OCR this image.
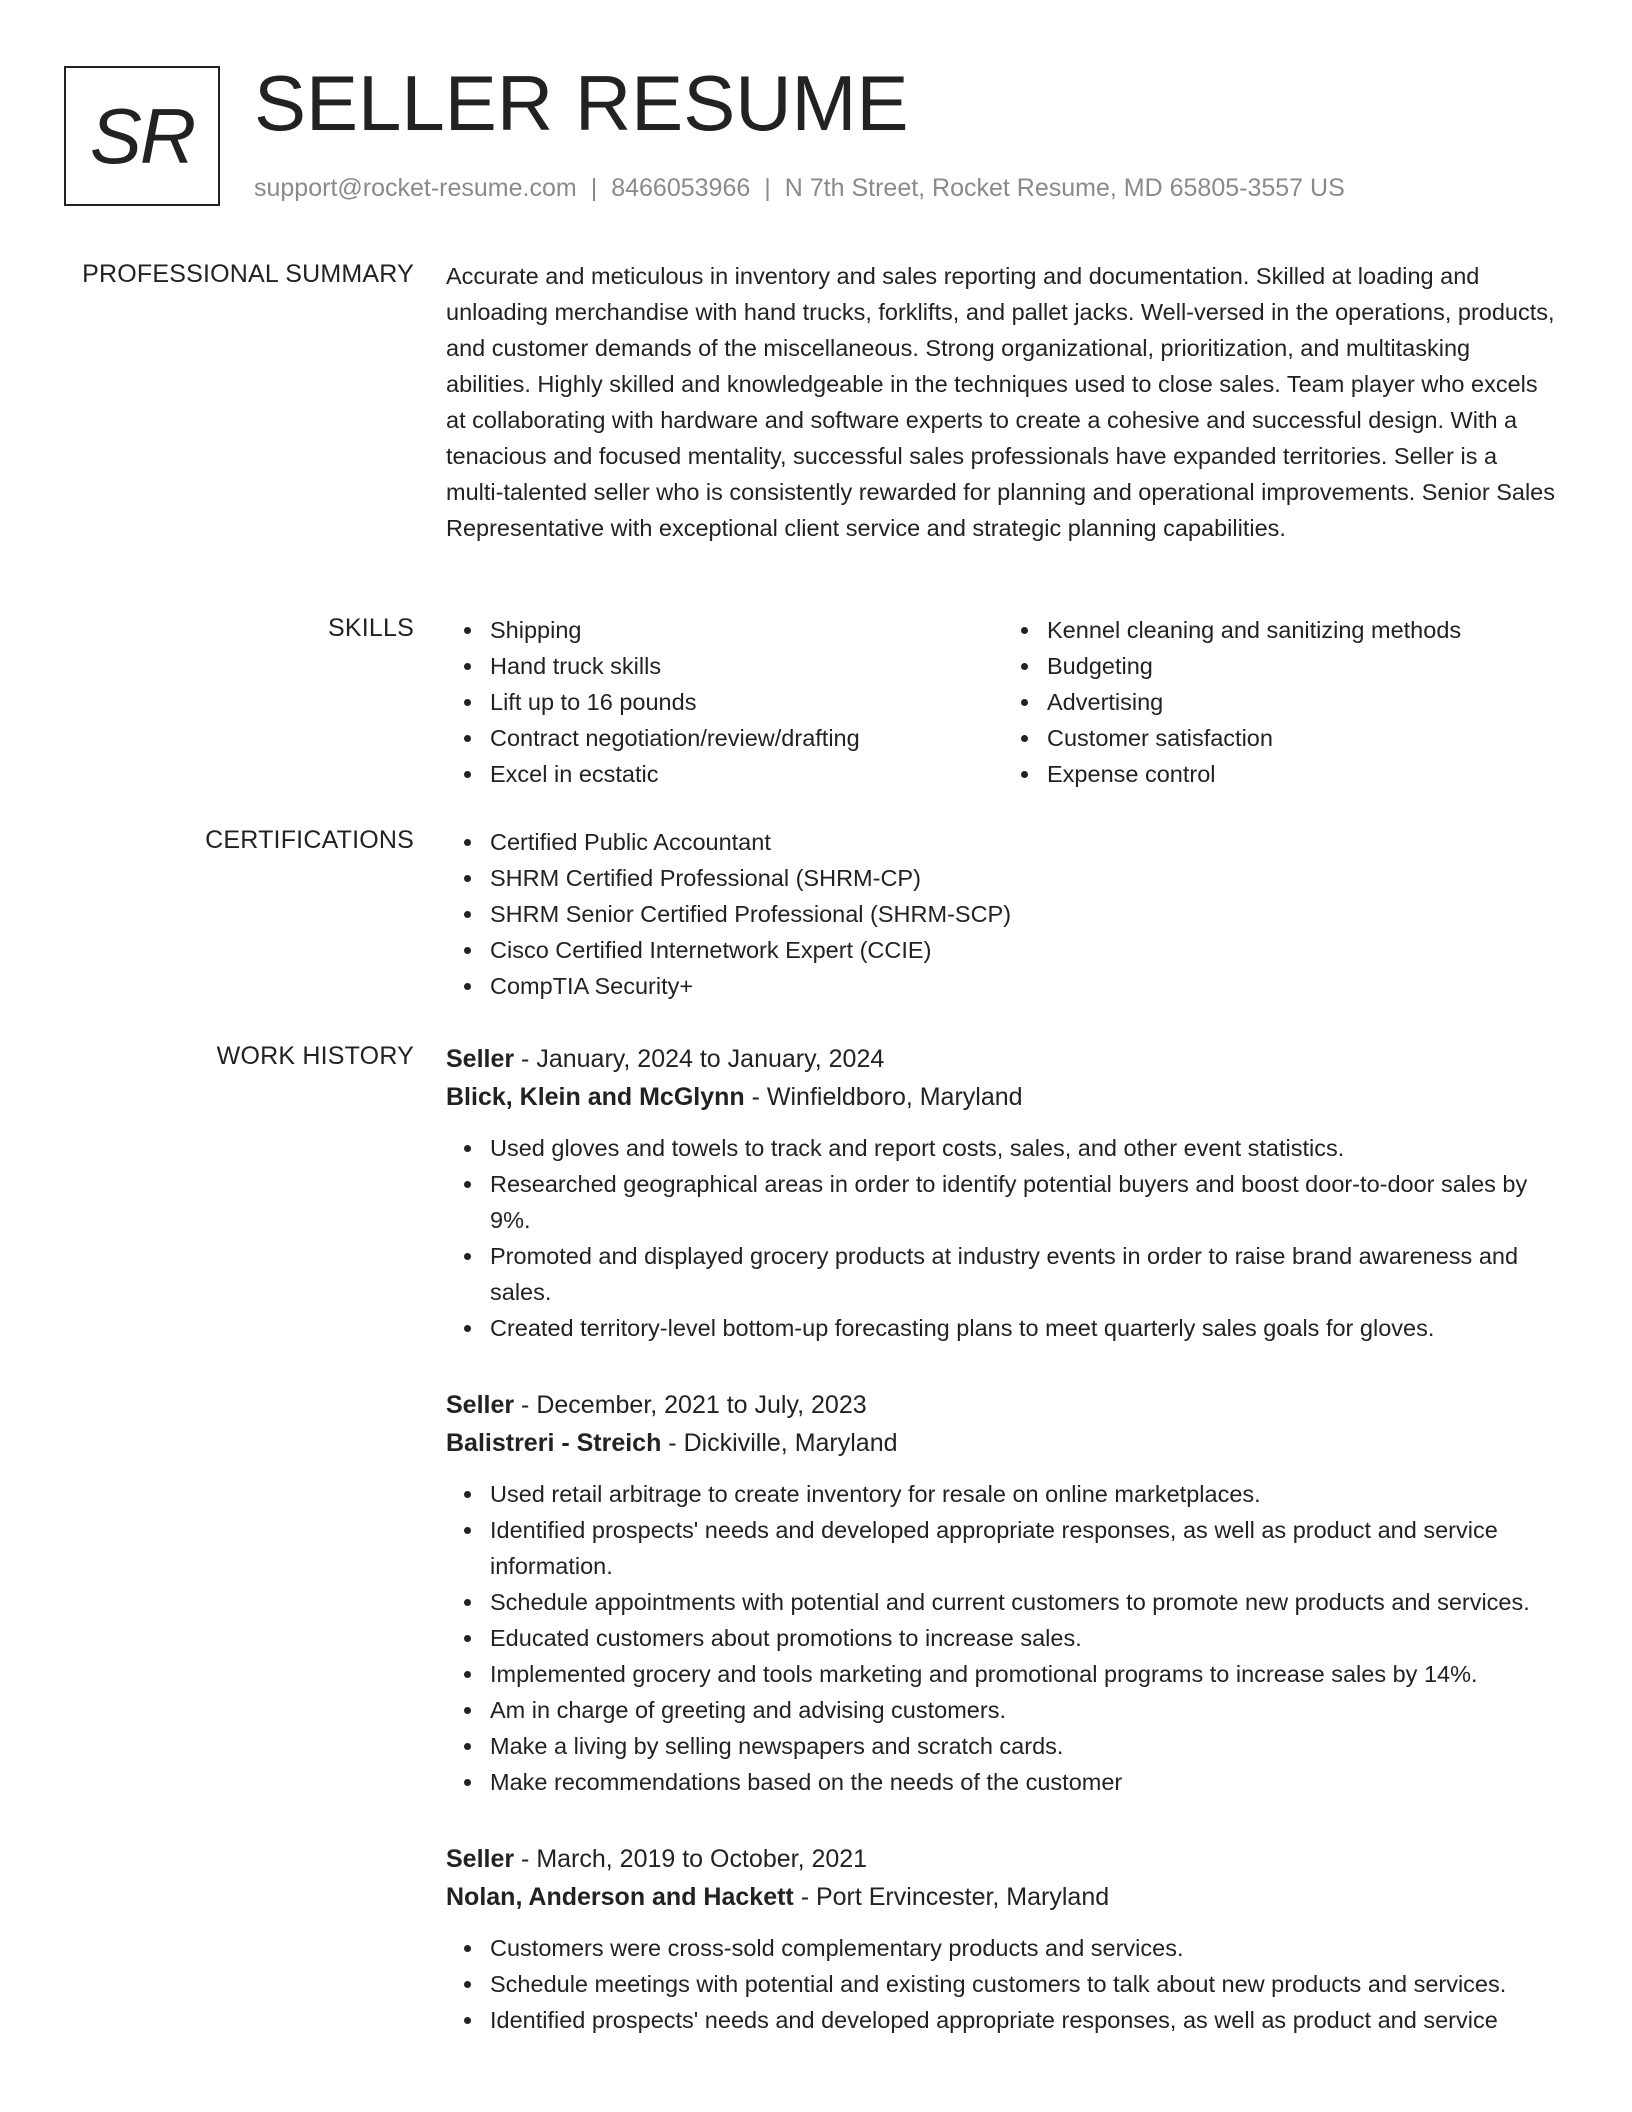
SR SELLER RESUME
support@rocket-resume.com | 8466053966 | N 7th Street, Rocket Resume, MD 65805-3557 US
PROFESSIONAL SUMMARY Accurate and meticulous in inventory and sales reporting and documentation. Skilled at loading and unloading merchandise with hand trucks, forklifts, and pallet jacks. Well-versed in the operations, products, and customer demands of the miscellaneous. Strong organizational, prioritization, and multitasking abilities. Highly skilled and knowledgeable in the techniques used to close sales. Team player who excels at collaborating with hardware and software experts to create a cohesive and successful design. With a tenacious and focused mentality, successful sales professionals have expanded territories. Seller is a multi-talented seller who is consistently rewarded for planning and operational improvements. Senior Sales Representative with exceptional client service and strategic planning capabilities.

SKILLS	Shipping
Hand truck skills
Lift up to 16 pounds
Contract negotiation/review/drafting
Excel in ecstatic
Kennel cleaning and sanitizing methods
Budgeting
Advertising
Customer satisfaction
Expense control
CERTIFICATIONS	Certified Public Accountant
SHRM Certified Professional (SHRM-CP)
SHRM Senior Certified Professional (SHRM-SCP)
Cisco Certified Internetwork Expert (CCIE)
CompTIA Security+
WORK HISTORY Seller - January, 2024 to January, 2024
Blick, Klein and McGlynn - Winfieldboro, Maryland
Used gloves and towels to track and report costs, sales, and other event statistics.
Researched geographical areas in order to identify potential buyers and boost door-to-door sales by 9%.
Promoted and displayed grocery products at industry events in order to raise brand awareness and sales.
Created territory-level bottom-up forecasting plans to meet quarterly sales goals for gloves.
Seller - December, 2021 to July, 2023
Balistreri - Streich - Dickiville, Maryland
Used retail arbitrage to create inventory for resale on online marketplaces.
Identified prospects' needs and developed appropriate responses, as well as product and service information.
Schedule appointments with potential and current customers to promote new products and services.
Educated customers about promotions to increase sales.
Implemented grocery and tools marketing and promotional programs to increase sales by 14%.
Am in charge of greeting and advising customers.
Make a living by selling newspapers and scratch cards.
Make recommendations based on the needs of the customer
Seller - March, 2019 to October, 2021
Nolan, Anderson and Hackett - Port Ervincester, Maryland
Customers were cross-sold complementary products and services.
Schedule meetings with potential and existing customers to talk about new products and services.
Identified prospects' needs and developed appropriate responses, as well as product and service
